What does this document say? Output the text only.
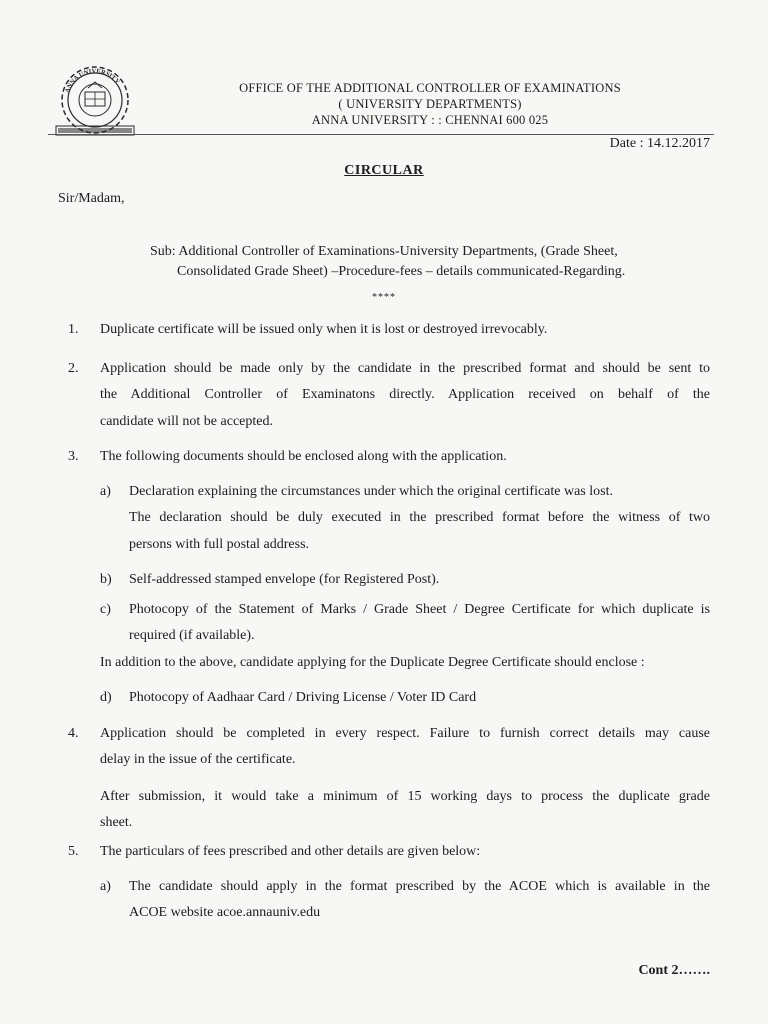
ANNA UNIVERSITY	OFFICE OF THE ADDITIONAL CONTROLLER OF EXAMINATIONS
( UNIVERSITY DEPARTMENTS)
ANNA UNIVERSITY : : CHENNAI 600 025
Date : 14.12.2017
CIRCULAR
Sir/Madam,
Sub: Additional Controller of Examinations-University Departments, (Grade Sheet,
Consolidated Grade Sheet) –Procedure-fees – details communicated-Regarding.
****
1. Duplicate certificate will be issued only when it is lost or destroyed irrevocably.
2. Application should be made only by the candidate in the prescribed format and should be sent to
the Additional Controller of Examinatons directly. Application received on behalf of the
candidate will not be accepted.
3. The following documents should be enclosed along with the application.
a) Declaration explaining the circumstances under which the original certificate was lost.
The declaration should be duly executed in the prescribed format before the witness of two
persons with full postal address.
b) Self-addressed stamped envelope (for Registered Post).
c) Photocopy of the Statement of Marks / Grade Sheet / Degree Certificate for which duplicate is
required (if available).
In addition to the above, candidate applying for the Duplicate Degree Certificate should enclose :
d) Photocopy of Aadhaar Card / Driving License / Voter ID Card
4. Application should be completed in every respect. Failure to furnish correct details may cause
delay in the issue of the certificate.
After submission, it would take a minimum of 15 working days to process the duplicate grade
sheet.
5. The particulars of fees prescribed and other details are given below:
a) The candidate should apply in the format prescribed by the ACOE which is available in the
ACOE website acoe.annauniv.edu
Cont 2…….
